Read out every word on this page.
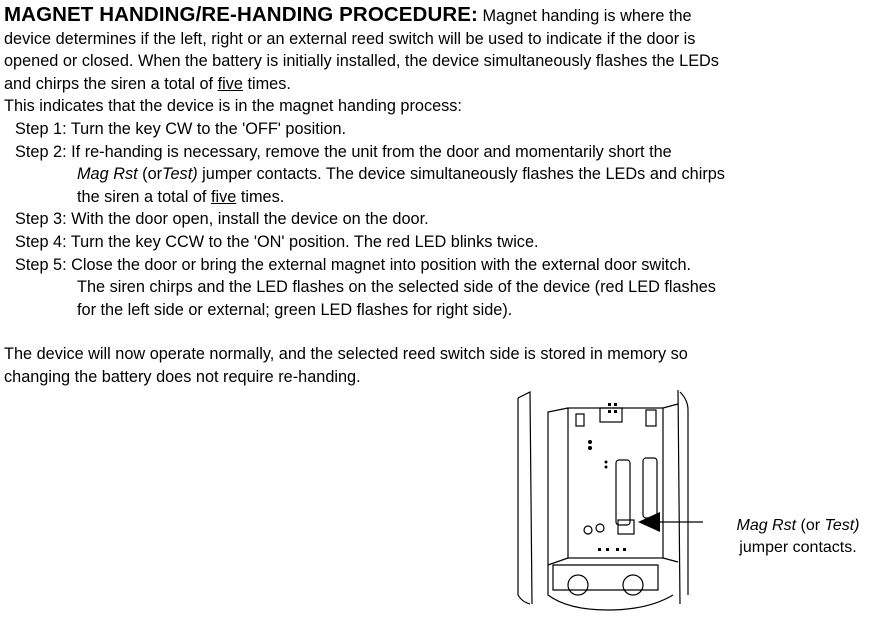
MAGNET HANDING/RE-HANDING PROCEDURE: Magnet handing is where the
device determines if the left, right or an external reed switch will be used to indicate if the door is
opened or closed. When the battery is initially installed, the device simultaneously flashes the LEDs
and chirps the siren a total of five times.

This indicates that the device is in the magnet handing process:
Step 1: Turn the key CW to the 'OFF' position.
Step 2: If re-handing is necessary, remove the unit from the door and momentarily short the
Mag Rst (orTest) jumper contacts. The device simultaneously flashes the LEDs and chirps
the siren a total of five times.
Step 3: With the door open, install the device on the door.
Step 4: Turn the key CCW to the 'ON' position. The red LED blinks twice.
Step 5: Close the door or bring the external magnet into position with the external door switch.
The siren chirps and the LED flashes on the selected side of the device (red LED flashes
for the left side or external; green LED flashes for right side).
The device will now operate normally, and the selected reed switch side is stored in memory so
changing the battery does not require re-handing.
Mag Rst (or Test)
jumper contacts.
